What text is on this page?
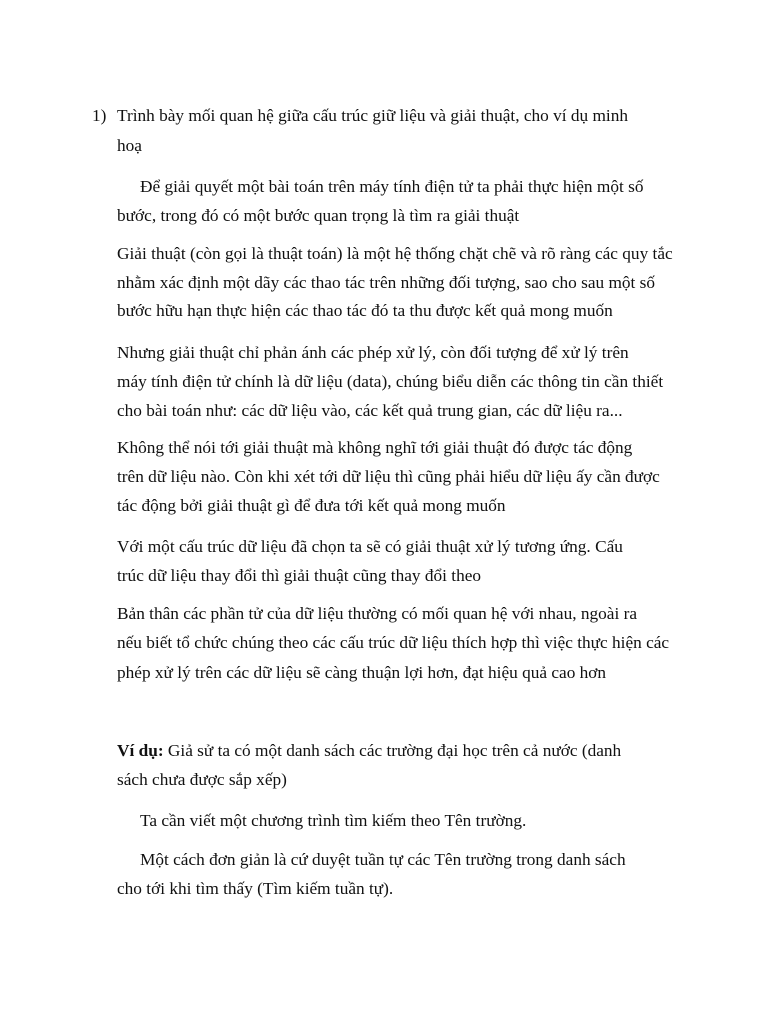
1) Trình bày mối quan hệ giữa cấu trúc giữ liệu và giải thuật, cho ví dụ minh
hoạ
Để giải quyết một bài toán trên máy tính điện tử ta phải thực hiện một số
bước, trong đó có một bước quan trọng là tìm ra giải thuật
Giải thuật (còn gọi là thuật toán) là một hệ thống chặt chẽ và rõ ràng các quy tắc
nhằm xác định một dãy các thao tác trên những đối tượng, sao cho sau một số
bước hữu hạn thực hiện các thao tác đó ta thu được kết quả mong muốn
Nhưng giải thuật chỉ phản ánh các phép xử lý, còn đối tượng để xử lý trên
máy tính điện tử chính là dữ liệu (data), chúng biểu diễn các thông tin cần thiết
cho bài toán như: các dữ liệu vào, các kết quả trung gian, các dữ liệu ra...
Không thể nói tới giải thuật mà không nghĩ tới giải thuật đó được tác động
trên dữ liệu nào. Còn khi xét tới dữ liệu thì cũng phải hiểu dữ liệu ấy cần được
tác động bởi giải thuật gì để đưa tới kết quả mong muốn
Với một cấu trúc dữ liệu đã chọn ta sẽ có giải thuật xử lý tương ứng. Cấu
trúc dữ liệu thay đổi thì giải thuật cũng thay đổi theo
Bản thân các phần tử của dữ liệu thường có mối quan hệ với nhau, ngoài ra
nếu biết tổ chức chúng theo các cấu trúc dữ liệu thích hợp thì việc thực hiện các
phép xử lý trên các dữ liệu sẽ càng thuận lợi hơn, đạt hiệu quả cao hơn
Ví dụ: Giả sử ta có một danh sách các trường đại học trên cả nước (danh
sách chưa được sắp xếp)
Ta cần viết một chương trình tìm kiếm theo Tên trường.
Một cách đơn giản là cứ duyệt tuần tự các Tên trường trong danh sách
cho tới khi tìm thấy (Tìm kiếm tuần tự).
